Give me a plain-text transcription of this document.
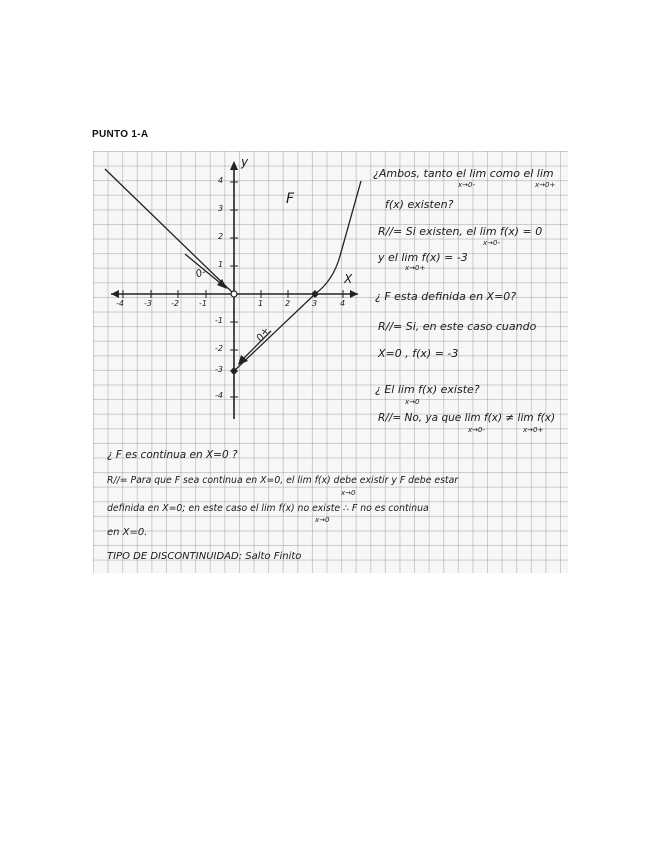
PUNTO 1-A
y
X
F
-4	-3 -2	-1	1	2	3	4
4
3
2
1
-1
-2
-3
-4
0-
0+
¿Ambos, tanto el lim como el lim
x→0-	x→0+
f(x) existen?
R//= Si existen, el lim f(x) = 0
x→0-
y el lim f(x) = -3
x→0+
¿ F esta definida en X=0?
R//= Si, en este caso cuando
X=0 , f(x) = -3
¿ El lim f(x) existe?
x→0
R//= No, ya que lim f(x) ≠ lim f(x)
x→0-	x→0+
¿ F es continua en X=0 ?
R//= Para que F sea continua en X=0, el lim f(x) debe existir y F debe estar
x→0
definida en X=0; en este caso el lim f(x) no existe ∴ F no es continua
x→0
en X=0.
TIPO DE DISCONTINUIDAD: Salto Finito
